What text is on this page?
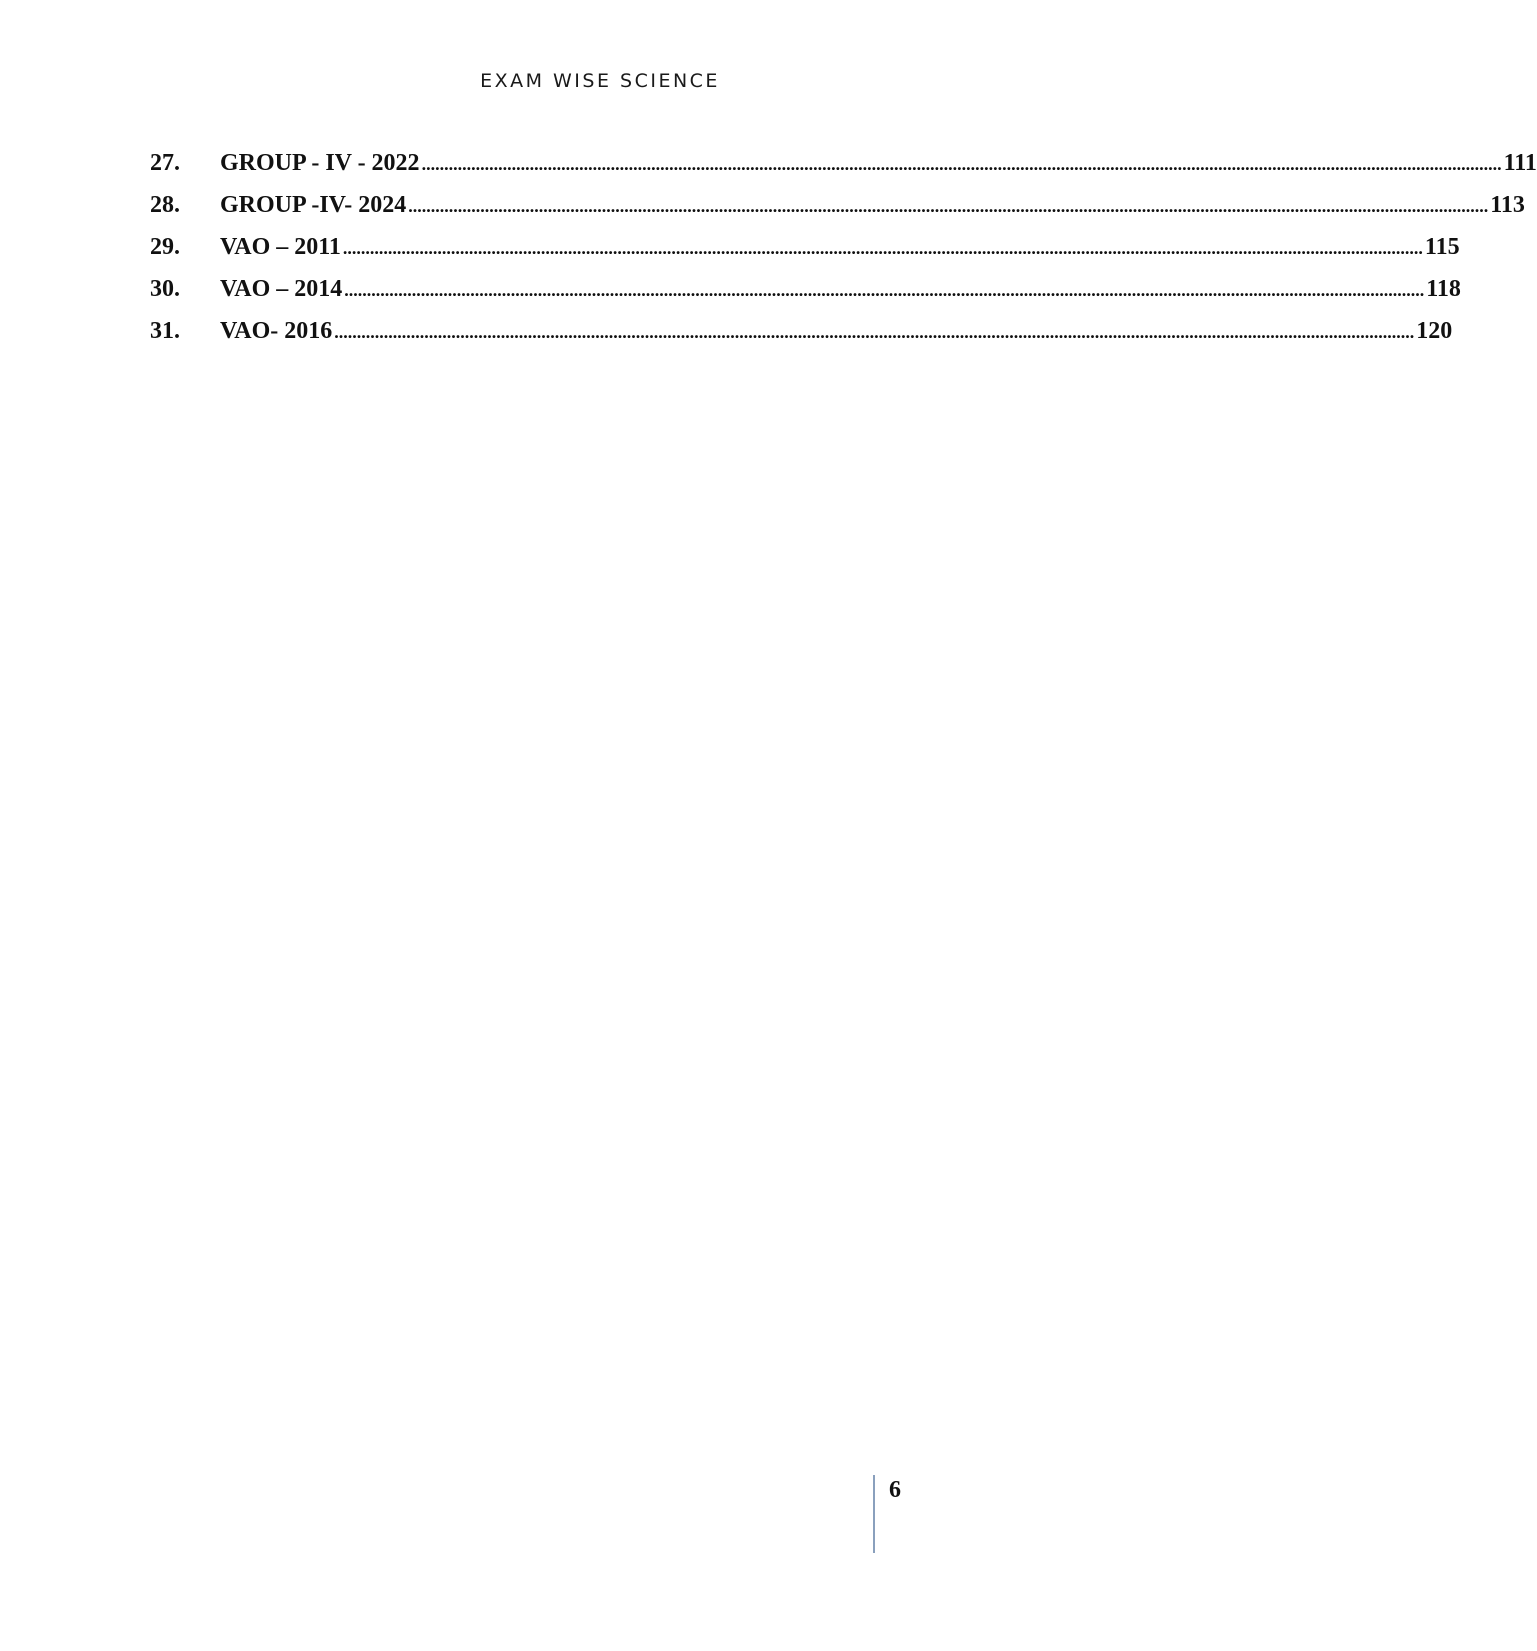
EXAM WISE SCIENCE
27.	GROUP - IV - 2022 ................................................................................................................................................................................................................................................ 111
28.	GROUP -IV- 2024 ................................................................................................................................................................................................................................................ 113
29.	VAO – 2011 ................................................................................................................................................................................................................................................ 115
30.	VAO – 2014 ................................................................................................................................................................................................................................................ 118
31.	VAO- 2016 ................................................................................................................................................................................................................................................ 120
6
